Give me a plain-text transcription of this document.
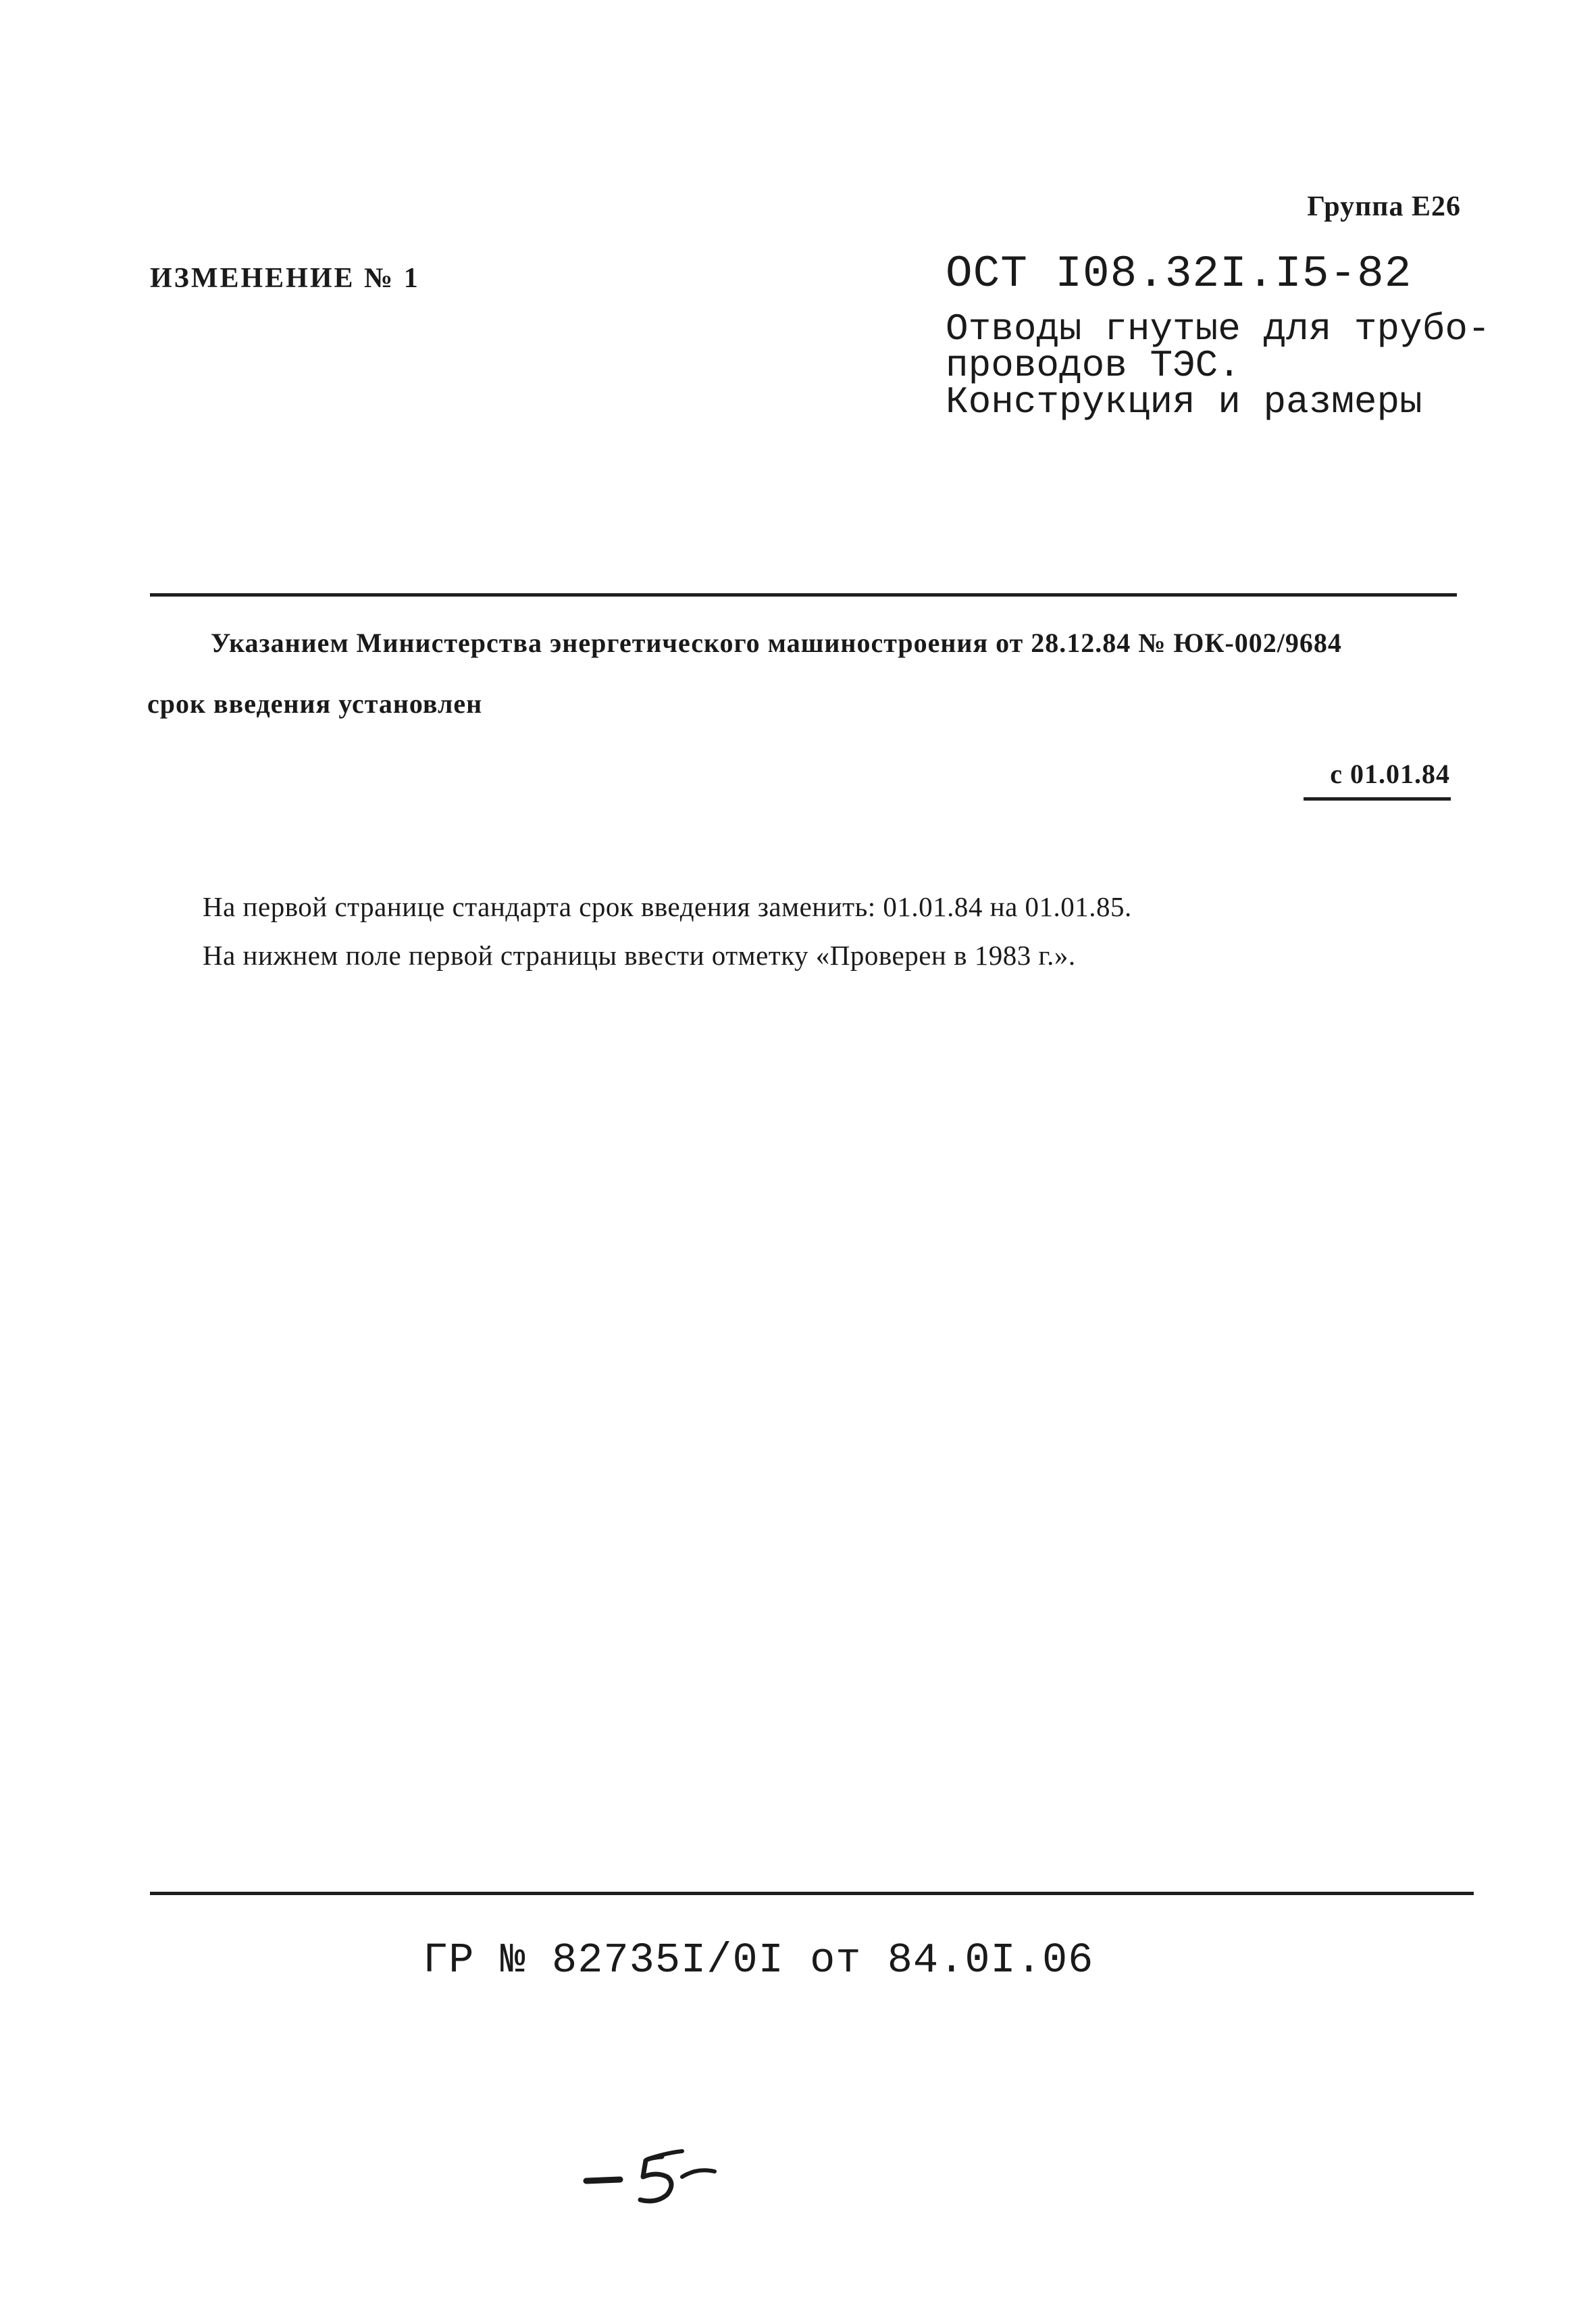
Группа Е26
ИЗМЕНЕНИЕ № 1	ОСТ I08.32I.I5-82
Отводы гнутые для трубо-
проводов ТЭС.
Конструкция и размеры
Указанием Министерства энергетического машиностроения от 28.12.84 № ЮК-002/9684
срок введения установлен
с 01.01.84
На первой странице стандарта срок введения заменить: 01.01.84 на 01.01.85.
На нижнем поле первой страницы ввести отметку «Проверен в 1983 г.».
ГР № 82735I/0I от 84.0I.06
